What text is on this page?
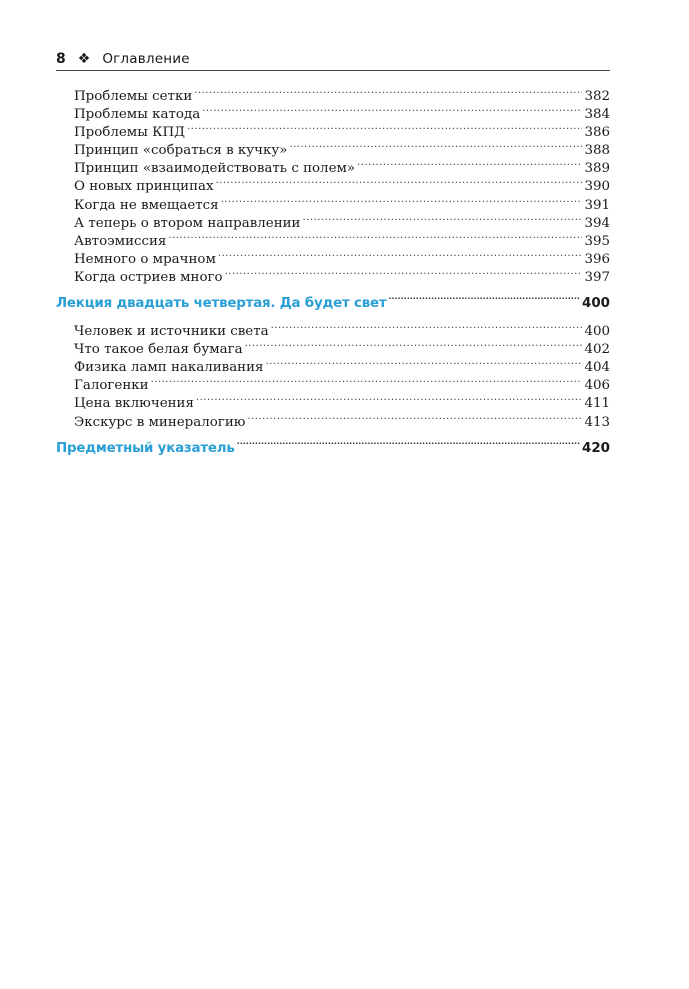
8 ❖ Оглавление
Проблемы сетки .....	382
Проблемы катода .....	384
Проблемы КПД .....	386
Принцип «собраться в кучку» .....	388
Принцип «взаимодействовать с полем» .....	389
О новых принципах .....	390
Когда не вмещается .....	391
А теперь о втором направлении .....	394
Автоэмиссия .....	395
Немного о мрачном .....	396
Когда остриев много .....	397
Лекция двадцать четвертая. Да будет свет .....	400
Человек и источники света .....	400
Что такое белая бумага .....	402
Физика ламп накаливания .....	404
Галогенки .....	406
Цена включения .....	411
Экскурс в минералогию .....	413
Предметный указатель .....	420
